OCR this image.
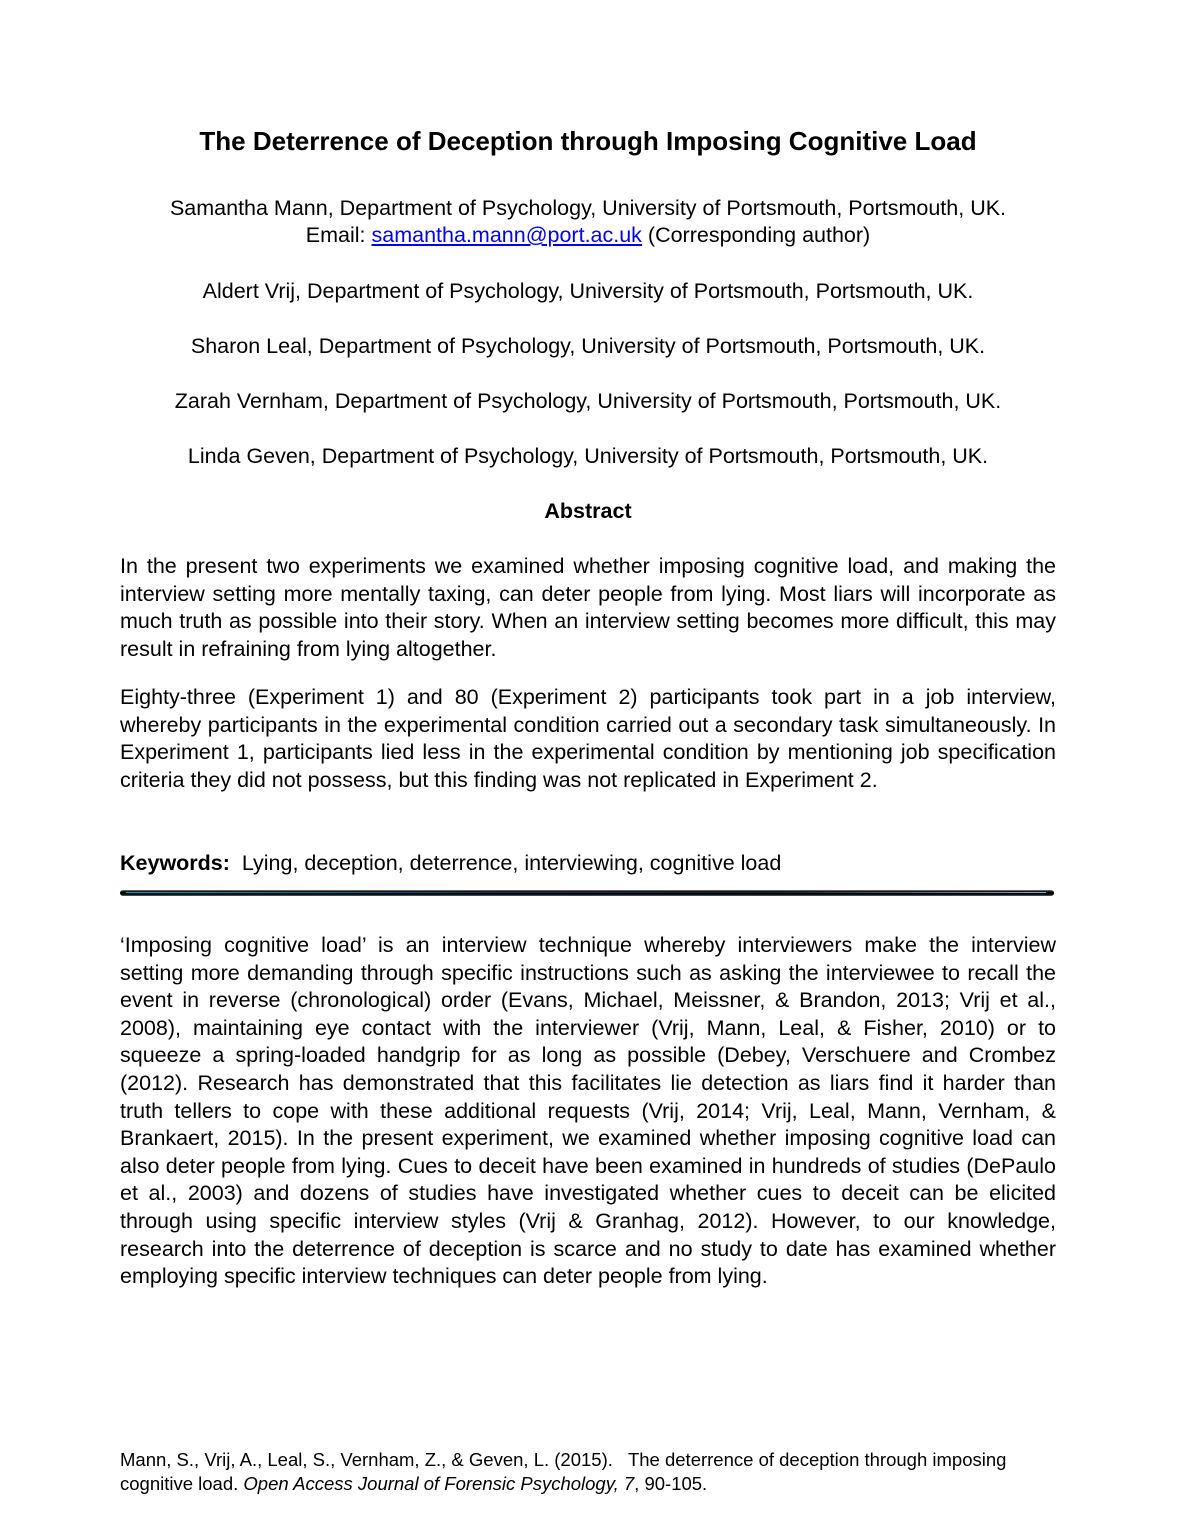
The Deterrence of Deception through Imposing Cognitive Load
Samantha Mann, Department of Psychology, University of Portsmouth, Portsmouth, UK.
Email: samantha.mann@port.ac.uk (Corresponding author)
Aldert Vrij, Department of Psychology, University of Portsmouth, Portsmouth, UK.
Sharon Leal, Department of Psychology, University of Portsmouth, Portsmouth, UK.
Zarah Vernham, Department of Psychology, University of Portsmouth, Portsmouth, UK.
Linda Geven, Department of Psychology, University of Portsmouth, Portsmouth, UK.
Abstract

In the present two experiments we examined whether imposing cognitive load, and making the interview setting more mentally taxing, can deter people from lying. Most liars will incorporate as much truth as possible into their story. When an interview setting becomes more difficult, this may result in refraining from lying altogether.

Eighty-three (Experiment 1) and 80 (Experiment 2) participants took part in a job interview, whereby participants in the experimental condition carried out a secondary task simultaneously. In Experiment 1, participants lied less in the experimental condition by mentioning job specification criteria they did not possess, but this finding was not replicated in Experiment 2.

Keywords:  Lying, deception, deterrence, interviewing, cognitive load

‘Imposing cognitive load’ is an interview technique whereby interviewers make the interview setting more demanding through specific instructions such as asking the interviewee to recall the event in reverse (chronological) order (Evans, Michael, Meissner, & Brandon, 2013; Vrij et al., 2008), maintaining eye contact with the interviewer (Vrij, Mann, Leal, & Fisher, 2010) or to squeeze a spring-loaded handgrip for as long as possible (Debey, Verschuere and Crombez (2012). Research has demonstrated that this facilitates lie detection as liars find it harder than truth tellers to cope with these additional requests (Vrij, 2014; Vrij, Leal, Mann, Vernham, & Brankaert, 2015). In the present experiment, we examined whether imposing cognitive load can also deter people from lying. Cues to deceit have been examined in hundreds of studies (DePaulo et al., 2003) and dozens of studies have investigated whether cues to deceit can be elicited through using specific interview styles (Vrij & Granhag, 2012). However, to our knowledge, research into the deterrence of deception is scarce and no study to date has examined whether employing specific interview techniques can deter people from lying.

Mann, S., Vrij, A., Leal, S., Vernham, Z., & Geven, L. (2015).   The deterrence of deception through imposing cognitive load. Open Access Journal of Forensic Psychology, 7, 90-105.
